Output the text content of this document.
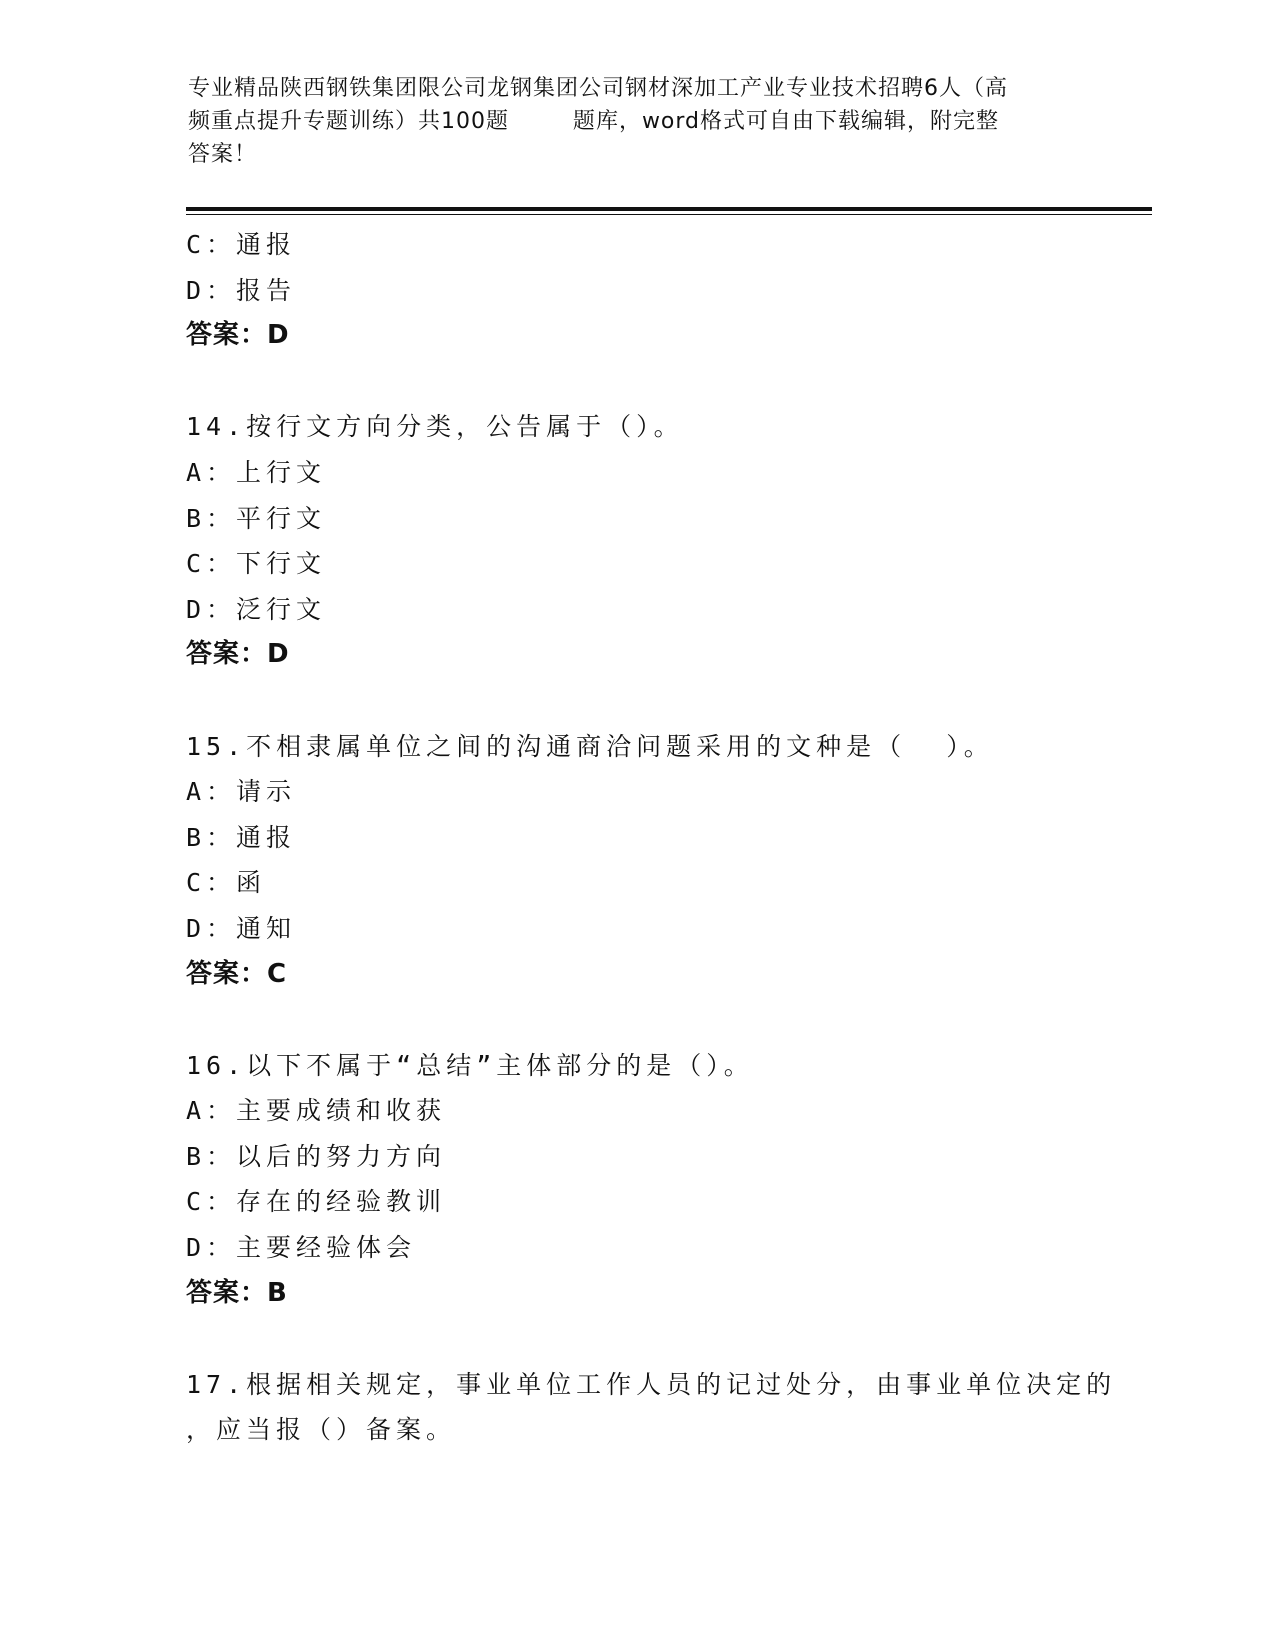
专业精品陕西钢铁集团限公司龙钢集团公司钢材深加工产业专业技术招聘6人（高
频重点提升专题训练）共100题        题库，word格式可自由下载编辑，附完整
答案！
C：通报
D：报告
答案：D
14.按行文方向分类，公告属于（）。
A：上行文
B：平行文
C：下行文
D：泛行文
答案：D
15.不相隶属单位之间的沟通商洽问题采用的文种是（  ）。
A：请示
B：通报
C：函
D：通知
答案：C
16.以下不属于“总结”主体部分的是（）。
A：主要成绩和收获
B：以后的努力方向
C：存在的经验教训
D：主要经验体会
答案：B
17.根据相关规定，事业单位工作人员的记过处分，由事业单位决定的
，应当报（）备案。
